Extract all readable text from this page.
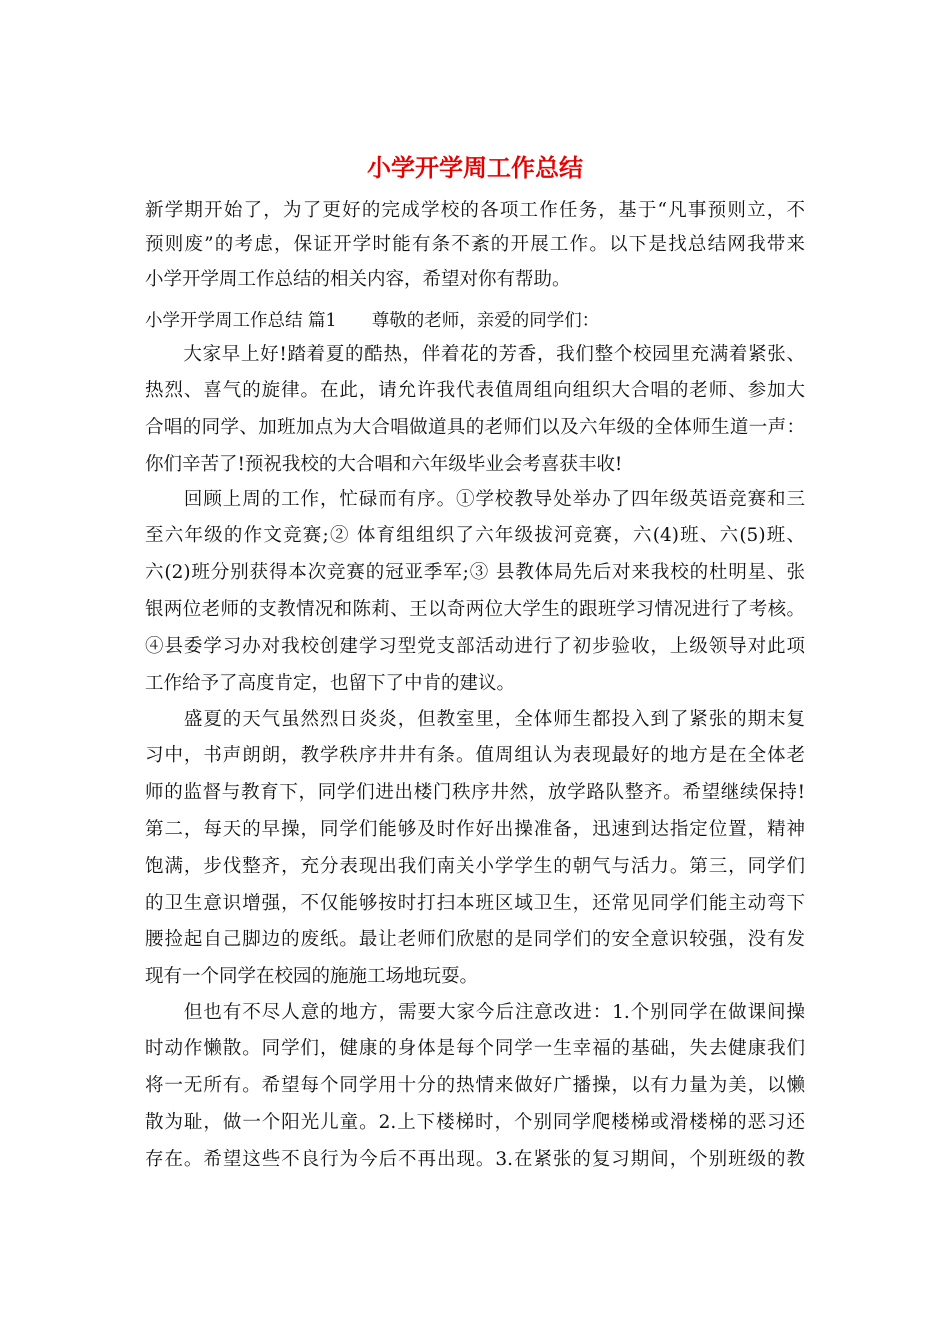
小学开学周工作总结
新学期开始了，为了更好的完成学校的各项工作任务，基于“凡事预则立，不
预则废”的考虑，保证开学时能有条不紊的开展工作。以下是找总结网我带来
小学开学周工作总结的相关内容，希望对你有帮助。
小学开学周工作总结 篇1　　尊敬的老师，亲爱的同学们：
　　大家早上好!踏着夏的酷热，伴着花的芳香，我们整个校园里充满着紧张、
热烈、喜气的旋律。在此，请允许我代表值周组向组织大合唱的老师、参加大
合唱的同学、加班加点为大合唱做道具的老师们以及六年级的全体师生道一声：
你们辛苦了!预祝我校的大合唱和六年级毕业会考喜获丰收!
　　回顾上周的工作，忙碌而有序。①学校教导处举办了四年级英语竞赛和三
至六年级的作文竞赛;② 体育组组织了六年级拔河竞赛，六(4)班、六(5)班、
六(2)班分别获得本次竞赛的冠亚季军;③ 县教体局先后对来我校的杜明星、张
银两位老师的支教情况和陈莉、王以奇两位大学生的跟班学习情况进行了考核。
④县委学习办对我校创建学习型党支部活动进行了初步验收，上级领导对此项
工作给予了高度肯定，也留下了中肯的建议。
　　盛夏的天气虽然烈日炎炎，但教室里，全体师生都投入到了紧张的期末复
习中，书声朗朗，教学秩序井井有条。值周组认为表现最好的地方是在全体老
师的监督与教育下，同学们进出楼门秩序井然，放学路队整齐。希望继续保持!
第二，每天的早操，同学们能够及时作好出操准备，迅速到达指定位置，精神
饱满，步伐整齐，充分表现出我们南关小学学生的朝气与活力。第三，同学们
的卫生意识增强，不仅能够按时打扫本班区域卫生，还常见同学们能主动弯下
腰捡起自己脚边的废纸。最让老师们欣慰的是同学们的安全意识较强，没有发
现有一个同学在校园的施施工场地玩耍。
　　但也有不尽人意的地方，需要大家今后注意改进：1.个别同学在做课间操
时动作懒散。同学们，健康的身体是每个同学一生幸福的基础，失去健康我们
将一无所有。希望每个同学用十分的热情来做好广播操，以有力量为美，以懒
散为耻，做一个阳光儿童。2.上下楼梯时，个别同学爬楼梯或滑楼梯的恶习还
存在。希望这些不良行为今后不再出现。3.在紧张的复习期间，个别班级的教
